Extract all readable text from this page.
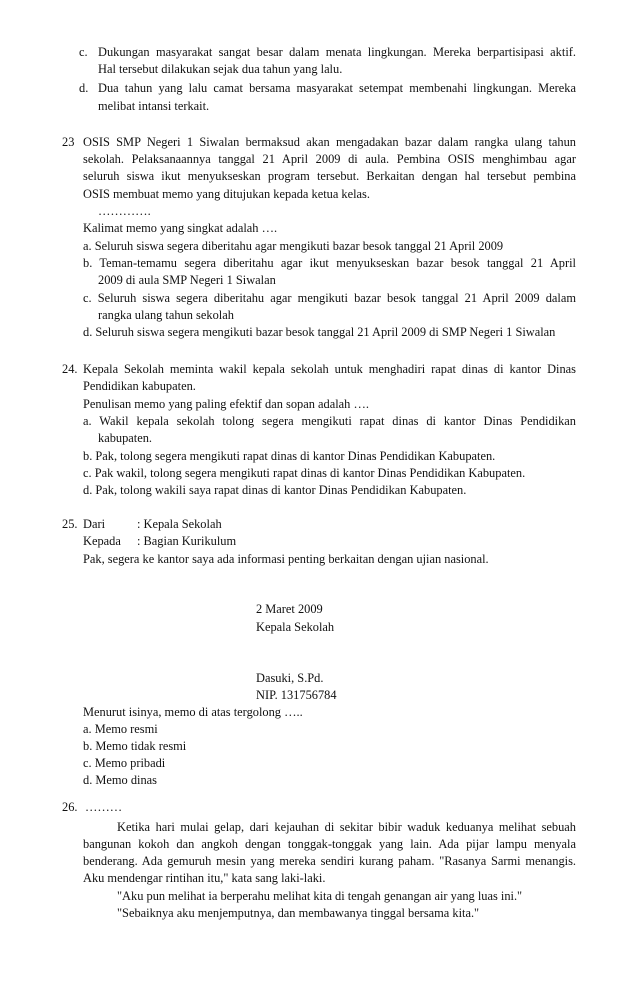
c. Dukungan masyarakat sangat besar dalam menata lingkungan. Mereka berpartisipasi aktif.
Hal tersebut dilakukan sejak dua tahun yang lalu.
d. Dua tahun yang lalu camat bersama masyarakat setempat membenahi lingkungan. Mereka
melibat intansi terkait.
23 OSIS SMP Negeri 1 Siwalan bermaksud akan mengadakan bazar dalam rangka ulang tahun
sekolah. Pelaksanaannya tanggal 21 April 2009 di aula. Pembina OSIS menghimbau agar
seluruh siswa ikut menyukseskan program tersebut. Berkaitan dengan hal tersebut pembina
OSIS membuat memo yang ditujukan kepada ketua kelas.
………….
Kalimat memo yang singkat adalah ….
a. Seluruh siswa segera diberitahu agar mengikuti bazar besok tanggal 21 April 2009
b. Teman-temamu segera diberitahu agar ikut menyukseskan bazar besok tanggal 21 April
2009 di aula SMP Negeri 1 Siwalan
c. Seluruh siswa segera diberitahu agar mengikuti bazar besok tanggal 21 April 2009 dalam
rangka ulang tahun sekolah
d. Seluruh siswa segera mengikuti bazar besok tanggal 21 April 2009 di SMP Negeri 1 Siwalan
24. Kepala Sekolah meminta wakil kepala sekolah untuk menghadiri rapat dinas di kantor Dinas
Pendidikan kabupaten.
Penulisan memo yang paling efektif dan sopan adalah ….
a. Wakil kepala sekolah tolong segera mengikuti rapat dinas di kantor Dinas Pendidikan
kabupaten.
b. Pak, tolong segera mengikuti rapat dinas di kantor Dinas Pendidikan Kabupaten.
c. Pak wakil, tolong segera mengikuti rapat dinas di kantor Dinas Pendidikan Kabupaten.
d. Pak, tolong wakili saya rapat dinas di kantor Dinas Pendidikan Kabupaten.
25. Dari	: Kepala Sekolah
Kepada : Bagian Kurikulum
Pak, segera ke kantor saya ada informasi penting berkaitan dengan ujian nasional.
2 Maret 2009
Kepala Sekolah
Dasuki, S.Pd.
NIP. 131756784
Menurut isinya, memo di atas tergolong …..
a. Memo resmi
b. Memo tidak resmi
c. Memo pribadi
d. Memo dinas
26. ………
Ketika hari mulai gelap, dari kejauhan di sekitar bibir waduk keduanya melihat sebuah
bangunan kokoh dan angkoh dengan tonggak-tonggak yang lain. Ada pijar lampu menyala
benderang. Ada gemuruh mesin yang mereka sendiri kurang paham. "Rasanya Sarmi menangis.
Aku mendengar rintihan itu," kata sang laki-laki.
"Aku pun melihat ia berperahu melihat kita di tengah genangan air yang luas ini."
"Sebaiknya aku menjemputnya, dan membawanya tinggal bersama kita."
